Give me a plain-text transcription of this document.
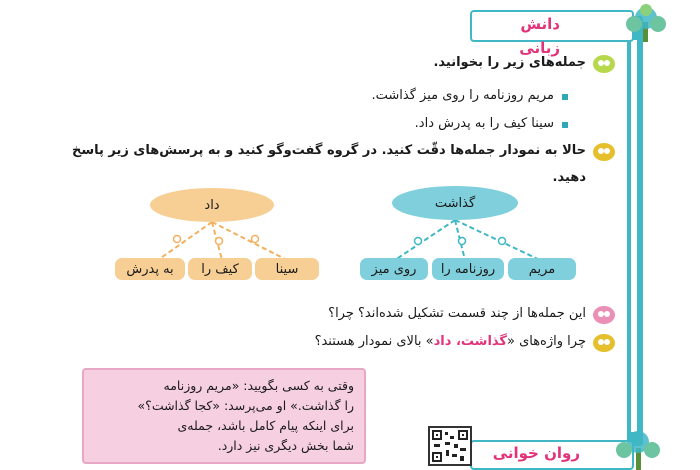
دانش زبانی
جمله‌های زیر را بخوانید.
مریم روزنامه را روی میز گذاشت.
سینا کیف را به پدرش داد.
حالا به نمودار جمله‌ها دقّت کنید. در گروه گفت‌وگو کنید و به پرسش‌های زیر پاسخ
دهید.
داد
سینا
کیف را
به پدرش
گذاشت
مریم
روزنامه را
روی میز
این جمله‌ها از چند قسمت تشکیل شده‌اند؟ چرا؟
چرا واژه‌های «گذاشت، داد» بالای نمودار هستند؟
وقتی به کسی بگویید: «مریم روزنامه
را گذاشت.» او می‌پرسد: «کجا گذاشت؟»
برای اینکه پیام کامل باشد، جمله‌ی
شما بخش دیگری نیز دارد.	روان خوانی
